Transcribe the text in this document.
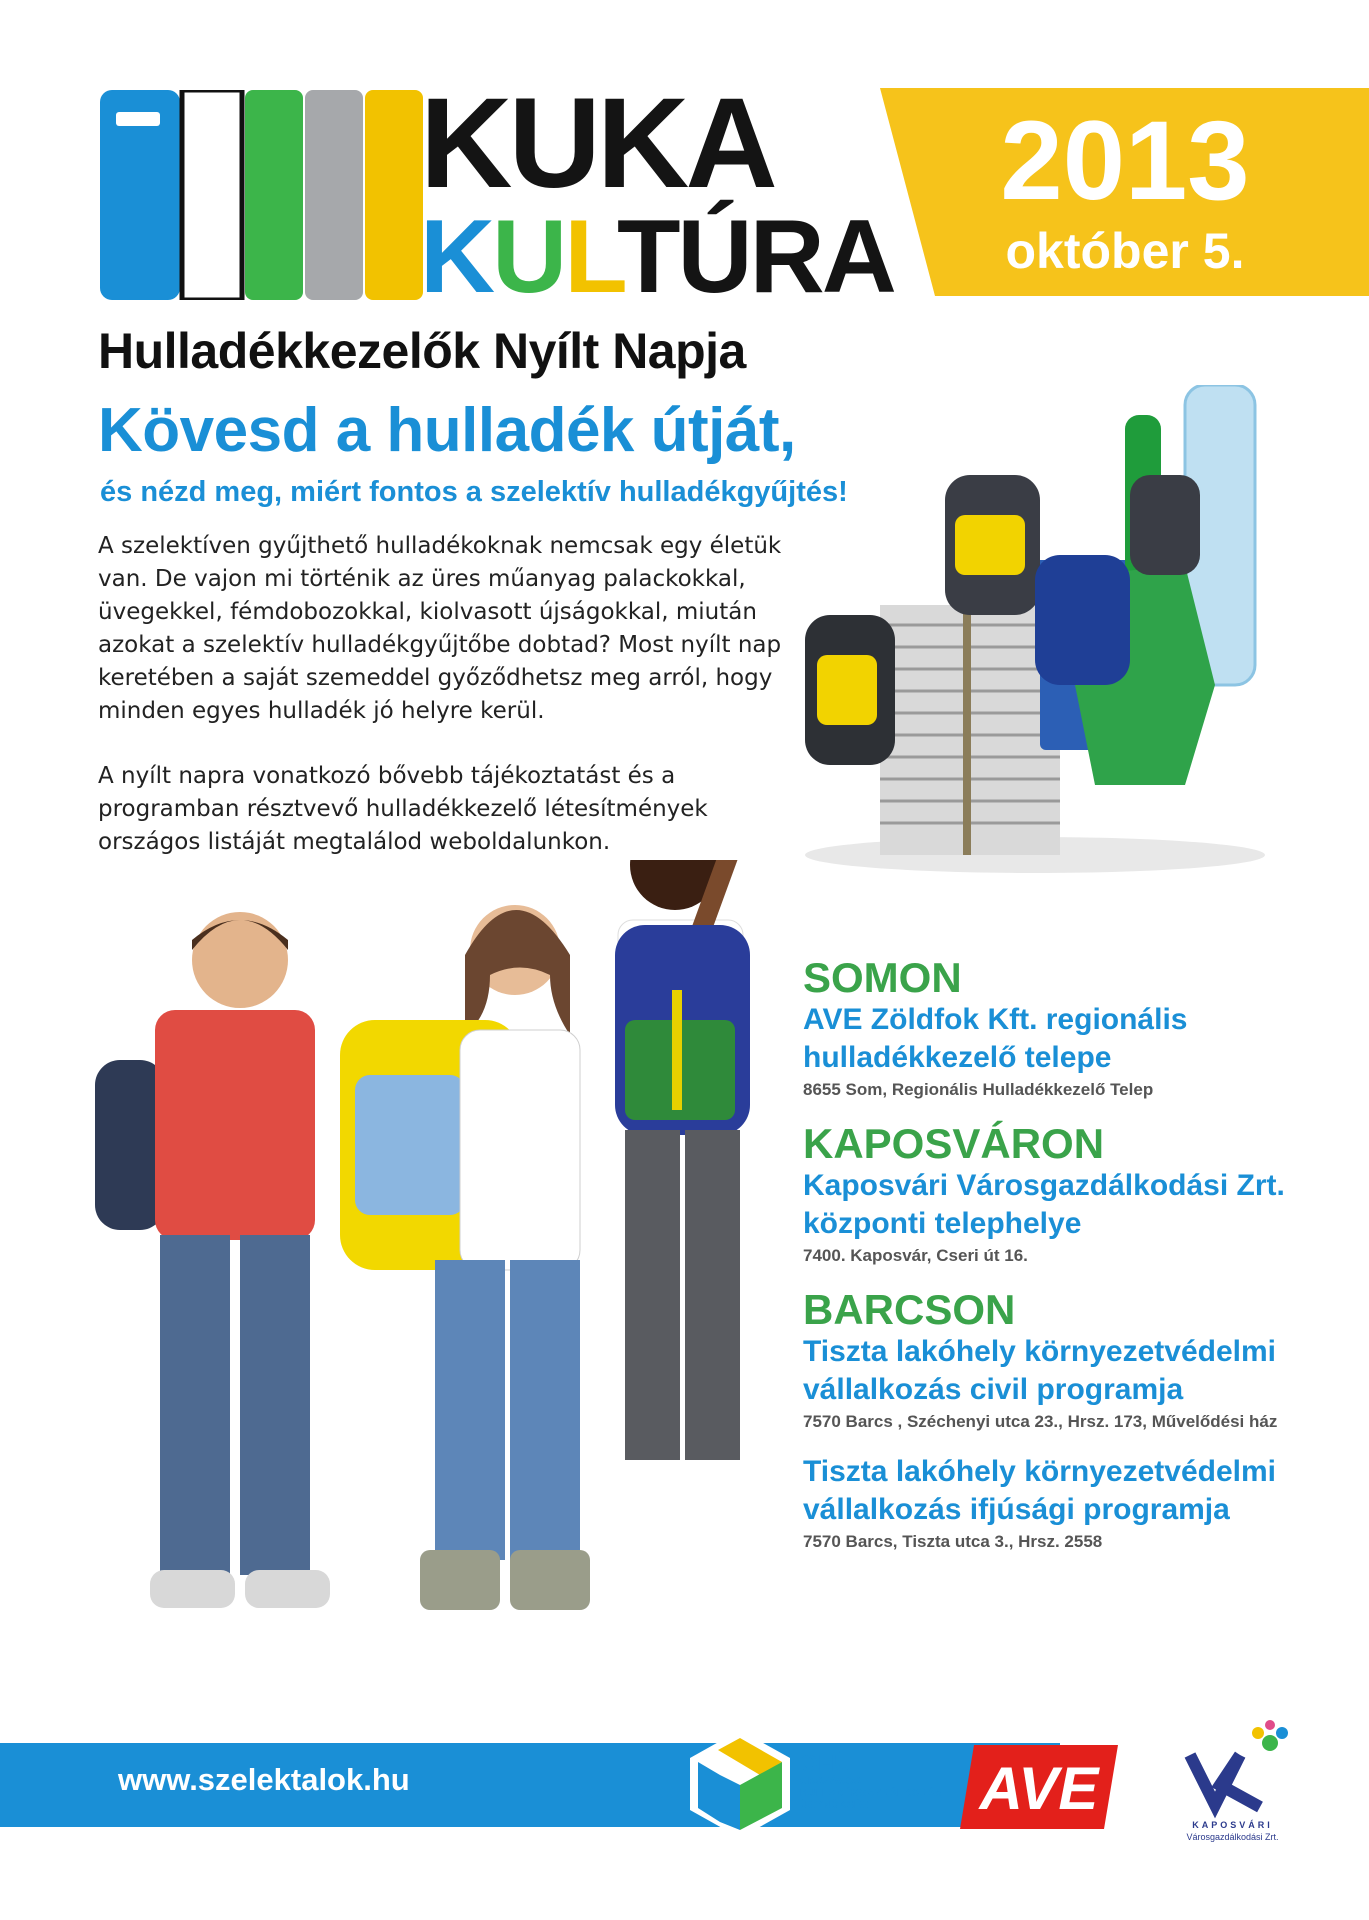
KUKA
KULTÚRA
Hulladékkezelők Nyílt Napja
2013
október 5.
Kövesd a hulladék útját,
és nézd meg, miért fontos a szelektív hulladékgyűjtés!

A szelektíven gyűjthető hulladékoknak nemcsak egy életük van. De vajon mi történik az üres műanyag palackokkal, üvegekkel, fémdobozokkal, kiolvasott újságokkal, miután azokat a szelektív hulladékgyűjtőbe dobtad? Most nyílt nap keretében a saját szemeddel győződhetsz meg arról, hogy minden egyes hulladék jó helyre kerül.

A nyílt napra vonatkozó bővebb tájékoztatást és a programban résztvevő hulladékkezelő létesítmények országos listáját megtalálod weboldalunkon.

SOMON
AVE Zöldfok Kft. regionális hulladékkezelő telepe
8655 Som, Regionális Hulladékkezelő Telep
KAPOSVÁRON
Kaposvári Városgazdálkodási Zrt. központi telephelye
7400. Kaposvár, Cseri út 16.
BARCSON
Tiszta lakóhely környezetvédelmi vállalkozás civil programja
7570 Barcs , Széchenyi utca 23., Hrsz. 173, Művelődési ház
Tiszta lakóhely környezetvédelmi vállalkozás ifjúsági programja
7570 Barcs, Tiszta utca 3., Hrsz. 2558
www.szelektalok.hu	OHÜ
ORSZÁGOS
HULLADÉKGAZDÁLKODÁSI
ÜGYNÖKSÉG	AVE
KAPOSVÁRI
Városgazdálkodási Zrt.
